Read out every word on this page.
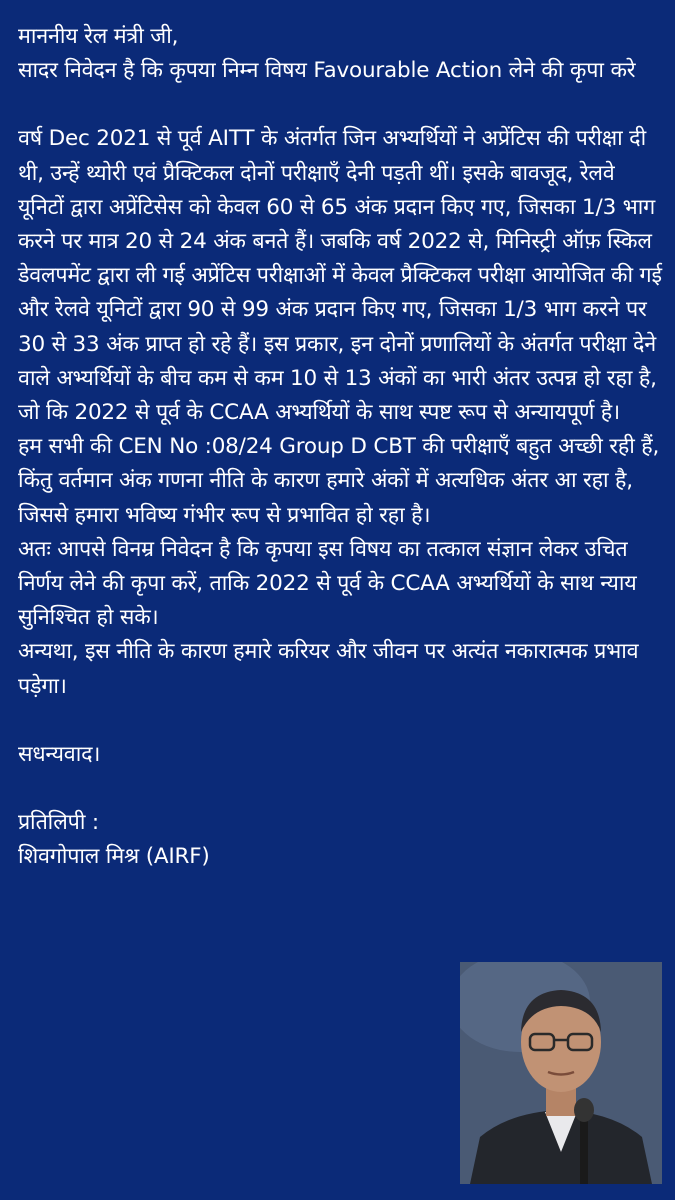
माननीय रेल मंत्री जी,

सादर निवेदन है कि कृपया निम्न विषय Favourable Action लेने की कृपा करे

वर्ष Dec 2021 से पूर्व AITT के अंतर्गत जिन अभ्यर्थियों ने अप्रेंटिस की परीक्षा दी थी, उन्हें थ्योरी एवं प्रैक्टिकल दोनों परीक्षाएँ देनी पड़ती थीं। इसके बावजूद, रेलवे यूनिटों द्वारा अप्रेंटिसेस को केवल 60 से 65 अंक प्रदान किए गए, जिसका 1/3 भाग करने पर मात्र 20 से 24 अंक बनते हैं। जबकि वर्ष 2022 से, मिनिस्ट्री ऑफ़ स्किल डेवलपमेंट द्वारा ली गई अप्रेंटिस परीक्षाओं में केवल प्रैक्टिकल परीक्षा आयोजित की गई और रेलवे यूनिटों द्वारा 90 से 99 अंक प्रदान किए गए, जिसका 1/3 भाग करने पर 30 से 33 अंक प्राप्त हो रहे हैं। इस प्रकार, इन दोनों प्रणालियों के अंतर्गत परीक्षा देने वाले अभ्यर्थियों के बीच कम से कम 10 से 13 अंकों का भारी अंतर उत्पन्न हो रहा है, जो कि 2022 से पूर्व के CCAA अभ्यर्थियों के साथ स्पष्ट रूप से अन्यायपूर्ण है।

हम सभी की CEN No :08/24 Group D CBT की परीक्षाएँ बहुत अच्छी रही हैं, किंतु वर्तमान अंक गणना नीति के कारण हमारे अंकों में अत्यधिक अंतर आ रहा है, जिससे हमारा भविष्य गंभीर रूप से प्रभावित हो रहा है।

अतः आपसे विनम्र निवेदन है कि कृपया इस विषय का तत्काल संज्ञान लेकर उचित निर्णय लेने की कृपा करें, ताकि 2022 से पूर्व के CCAA अभ्यर्थियों के साथ न्याय सुनिश्चित हो सके।

अन्यथा, इस नीति के कारण हमारे करियर और जीवन पर अत्यंत नकारात्मक प्रभाव पड़ेगा।

सधन्यवाद।

प्रतिलिपी :

शिवगोपाल मिश्र (AIRF)
